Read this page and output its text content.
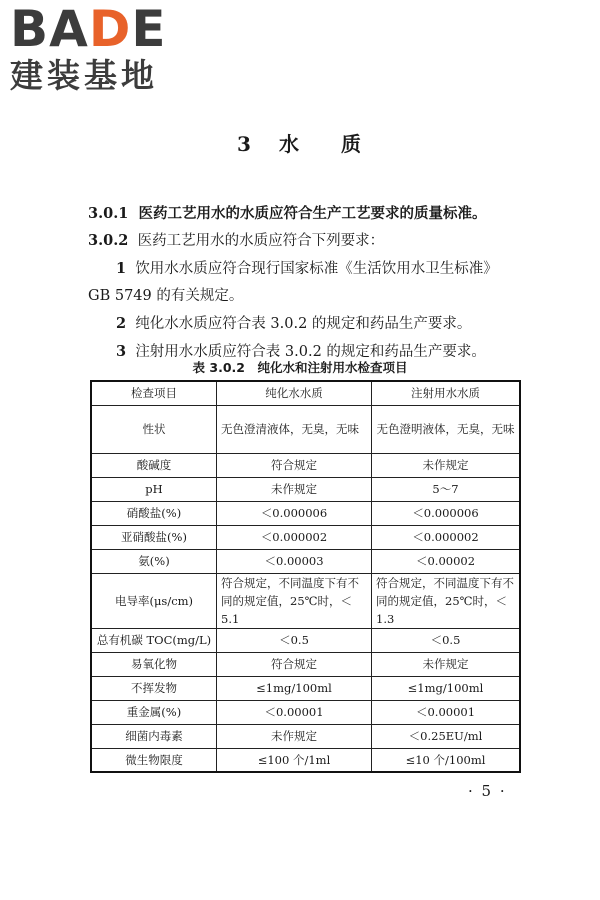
BADE
建装基地
3 水 质

3.0.1 医药工艺用水的水质应符合生产工艺要求的质量标准。

3.0.2 医药工艺用水的水质应符合下列要求：

1 饮用水水质应符合现行国家标准《生活饮用水卫生标准》

GB 5749 的有关规定。

2 纯化水水质应符合表 3.0.2 的规定和药品生产要求。

3 注射用水水质应符合表 3.0.2 的规定和药品生产要求。

表 3.0.2　纯化水和注射用水检查项目
检查项目	纯化水水质	注射用水水质
性状	无色澄清液体，无臭，无味	无色澄明液体，无臭，无味
酸碱度	符合规定	未作规定
pH	未作规定	5～7
硝酸盐(%)	＜0.000006	＜0.000006
亚硝酸盐(%)	＜0.000002	＜0.000002
氨(%)	＜0.00003	＜0.00002
电导率(μs/cm)	符合规定，不同温度下有不同的规定值，25℃时，＜5.1	符合规定，不同温度下有不同的规定值，25℃时，＜1.3
总有机碳 TOC(mg/L)	＜0.5	＜0.5
易氧化物	符合规定	未作规定
不挥发物	≤1mg/100ml	≤1mg/100ml
重金属(%)	＜0.00001	＜0.00001
细菌内毒素	未作规定	＜0.25EU/ml
微生物限度	≤100 个/1ml	≤10 个/100ml
· 5 ·
